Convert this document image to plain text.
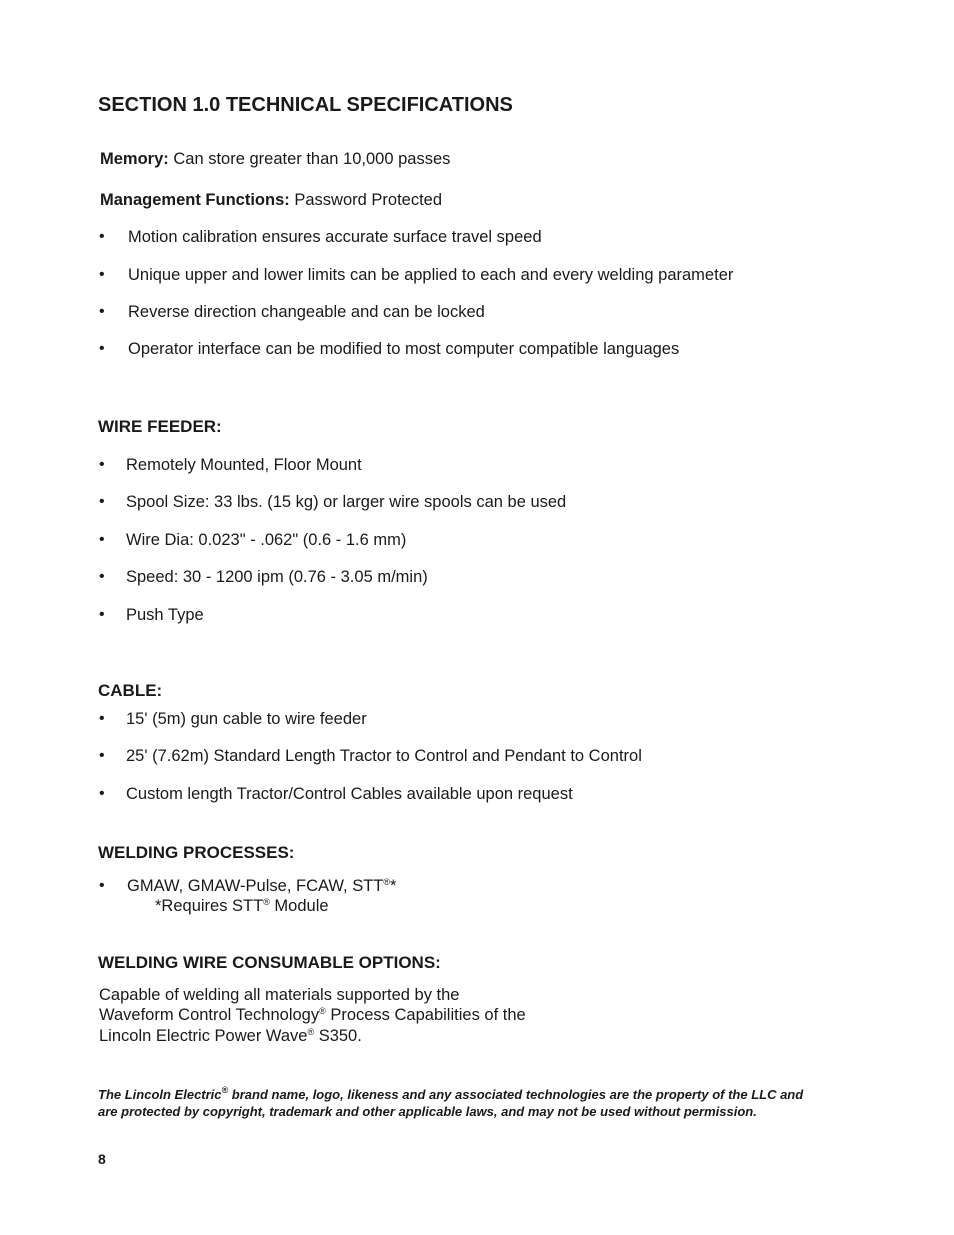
SECTION 1.0 TECHNICAL SPECIFICATIONS
Memory: Can store greater than 10,000 passes
Management Functions: Password Protected
• Motion calibration ensures accurate surface travel speed
• Unique upper and lower limits can be applied to each and every welding parameter
• Reverse direction changeable and can be locked
• Operator interface can be modified to most computer compatible languages
WIRE FEEDER:
• Remotely Mounted, Floor Mount
• Spool Size: 33 lbs. (15 kg) or larger wire spools can be used
• Wire Dia: 0.023" - .062" (0.6 - 1.6 mm)
• Speed: 30 - 1200 ipm (0.76 - 3.05 m/min)
• Push Type
CABLE:
• 15' (5m) gun cable to wire feeder
• 25' (7.62m) Standard Length Tractor to Control and Pendant to Control
• Custom length Tractor/Control Cables available upon request
WELDING PROCESSES:
• GMAW, GMAW-Pulse, FCAW, STT®*
*Requires STT® Module
WELDING WIRE CONSUMABLE OPTIONS:
Capable of welding all materials supported by the
Waveform Control Technology® Process Capabilities of the
Lincoln Electric Power Wave® S350.
The Lincoln Electric® brand name, logo, likeness and any associated technologies are the property of the LLC and
are protected by copyright, trademark and other applicable laws, and may not be used without permission.
8
